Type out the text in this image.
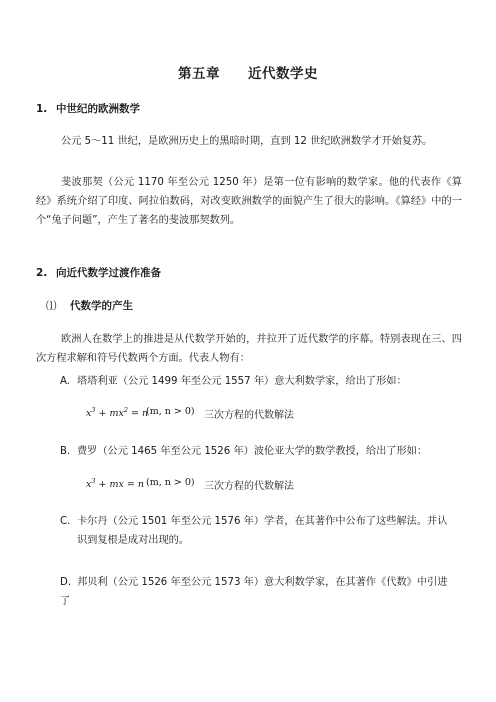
第五章　　近代数学史
1. 中世纪的欧洲数学

公元 5～11 世纪，是欧洲历史上的黑暗时期，直到 12 世纪欧洲数学才开始复苏。

斐波那契（公元 1170 年至公元 1250 年）是第一位有影响的数学家。他的代表作《算经》系统介绍了印度、阿拉伯数码，对改变欧洲数学的面貌产生了很大的影响。《算经》中的一个“兔子问题”，产生了著名的斐波那契数列。

2. 向近代数学过渡作准备
⑴ 代数学的产生

欧洲人在数学上的推进是从代数学开始的，并拉开了近代数学的序幕。特别表现在三、四次方程求解和符号代数两个方面。代表人物有：

A. 塔塔利亚（公元 1499 年至公元 1557 年）意大利数学家，给出了形如：

$x^3 + mx^2 = n$
(m, n > 0) 三次方程的代数解法

B. 费罗（公元 1465 年至公元 1526 年）波伦亚大学的数学教授，给出了形如：

$x^3$ + mx = n (m, n > 0) 三次方程的代数解法
C. 卡尔丹（公元 1501 年至公元 1576 年）学者，在其著作中公布了这些解法。并认识到复根是成对出现的。

D. 邦贝利（公元 1526 年至公元 1573 年）意大利数学家，在其著作《代数》中引进了
